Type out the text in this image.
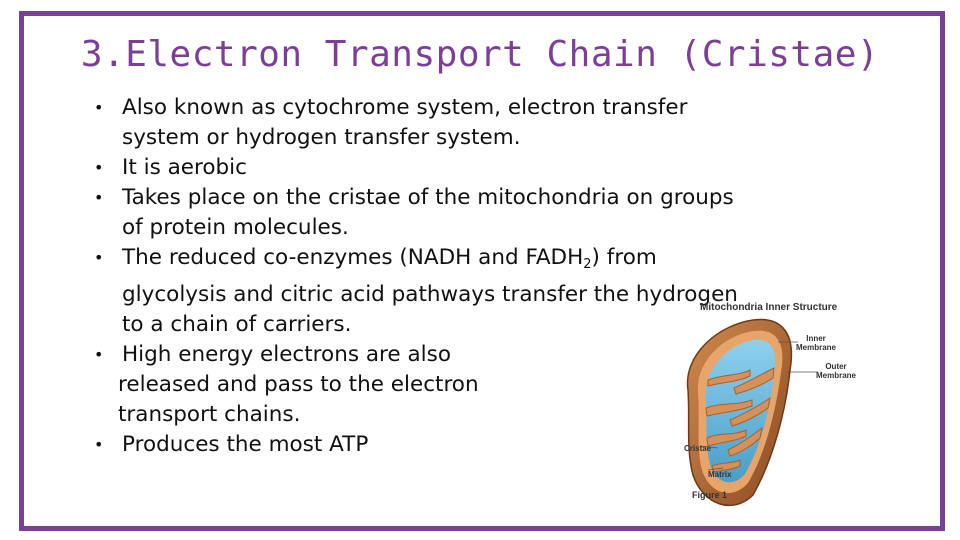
3.Electron Transport Chain (Cristae)
• Also known as cytochrome system, electron transfer
system or hydrogen transfer system.
• It is aerobic
• Takes place on the cristae of the mitochondria on groups
of protein molecules.
• The reduced co-enzymes (NADH and $FADH_2$) from
glycolysis and citric acid pathways transfer the hydrogen
to a chain of carriers.
• High energy electrons are also
released and pass to the electron
transport chains.
• Produces the most ATP
Mitochondria Inner Structure
Inner Membrane
Outer Membrane
Cristae
Matrix
Figure 1
